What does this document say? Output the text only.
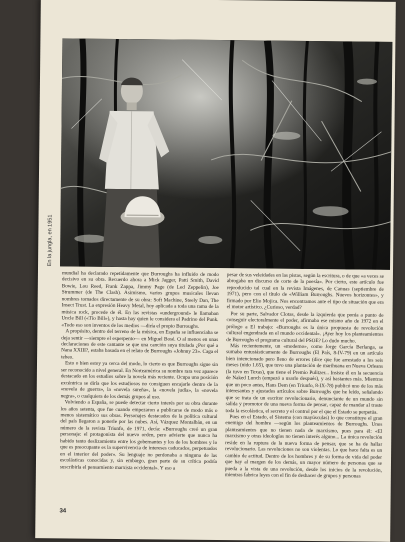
En la jungla, en 1951

mundial ha declarado repetidamente que Burroughs ha influido de modo decisivo en su obra. Recuerdo ahora a Mick Jagger, Patti Smith, David Bowie, Lou Reed, Frank Zappa, Jimmy Page (de Led Zeppelin), Joe Strummer (de The Clash). Asimismo, varios grupos musicales llevan nombres tomados directamente de su obra: Soft Machine, Steely Dan, The Insect Trust. La expresión Heavy Metal, hoy aplicada a toda una rama de la música rock, procede de él. En las revistas «underground» le llamaban Uncle Bill («Tío Bill»), y hasta hay quien le considera el Padrino del Punk. «Todo eso son inventos de los medios —diría el propio Burroughs.

A propósito, dentro del terreno de la música, en España se influenciaba se deja sentir —siempre el esperpento— en Miguel Bosé. O al menos en unas declaraciones de este cantante se que una canción suya titulada ¿Por qué a Nana XXIII?, estaba basada en el relato de Burroughs «Johnny 23». Caga el tebeo.

Esto o bien estoy ya cerca del modo, lo cierto es que Burroughs sigue sin ser reconocido a nivel general. En Norteamérica su nombre rara vez aparece destacado en los estudios sobre la novela más reciente. Ocupa una posición excéntrica se diría que los estudiosos no consiguen encajarle dentro de la «novela de guerra», la «novela sureña», la «novela judía», la «novela negra», o cualquiera de los demás grupos al uso.

Volviendo a España, se puede detectar cierto interés por su obra durante los años setenta, que fue cuando empezaron a publicarse de modo más o menos sistemático sus obras. Personajes destacados de la política cultural del país llegaron a ponerle por las nubes. Así, Vázquez Montalbán, en un número de la revista Triunfo, de 1971, decía: «Burroughs creó un gran personaje: el protagonista del nuevo orden, pero advierte que nunca ha habido tanto deslizamiento entre los gobernantes y los de los hombres y lo que es preocupante es la supervivencia de intereses caducados, perpetuados en el interior del poder». Su lenguaje no perdonaba a ninguna de las escolásticas conocidas y, sin embargo, gran parte de su crítica podría suscribirla el pensamiento marxista occidental». Y eso a

pesar de sus veleidades en las pistas, según la escritura, o de que «a veces se abrogaba un discurso de corte de la poesía». Por cierto, este artículo fue reproducido tal cual en la revista Imágenes, de Canuas (septiembre de 1971), pero con el título de «William Burroughs. Nuevos horizontes», y firmado por Elio Mojica. Nos encontramos ante el tipo de situación que era el motor artístico. ¿Curioso, verdad?

Por su parte, Salvador Clotas, desde la izquierda que ponía a punto de conseguir electoralmente el poder, afirmaba ese mismo año de 1972 en el prólogo a El trabajo: «Burroughs es la única propuesta de revolución cultural engendrada en el mundo occidental». ¡Ayer hoy los planteamientos de Burroughs el programa cultural del PSOE? Lo dudo mucho.

Más recientemente, un «moderno», como Jorge García Berlanga, se sumaba entusiásticamente de Burroughs (El País, 8-IV-79) en un artículo bien intencionado pero lleno de errores (dice que fue arrestado a los seis meses (nido 1.65), que tuvo una plantación de marihuana en Nueva Orleans (la tuvo en Texas), que tiene el Premio Pulitzer... Insiste él en la secuencia de Naked Lunch (empezó a usarlo después), y así bastantes más. Mientras que un poco antes, Hans Dem (en Triunfo, 8-IX-78) publicó uno de los más interesantes y ajustados artículos sobre Burroughs que he leído, señalando que se trata de un escritor revolucionario, denunciante de un mundo sin salida y promotor de una nueva forma de pensar, capaz de mandar al traste toda la escolástica, el secreto y el control por el que el Estado se perpetúa.

Pues en el Estado, el Sistema (con mayúsculas) lo que constituye el gran enemigo del hombre —según los planteamientos de Burroughs. Unos planteamientos que no tienen nada de marxismo, pues para él: «El marxismo y otras ideologías no tienen interés alguno... La única revolución reside en la ruptura de la nueva forma de pensar, que se ha de hallar revolucionario. Las revoluciones no son violentas. Lo que hace falta es un cambio de actitud. Dentro de los hombres y de su forma de vida del poder que hay al margen de los demás, un mayor número de personas que se pueda a la vista de una revolución, desde los inicios de la revolución, mientras fabrica leyes con el fin de deshacer de grupos y personas

34
